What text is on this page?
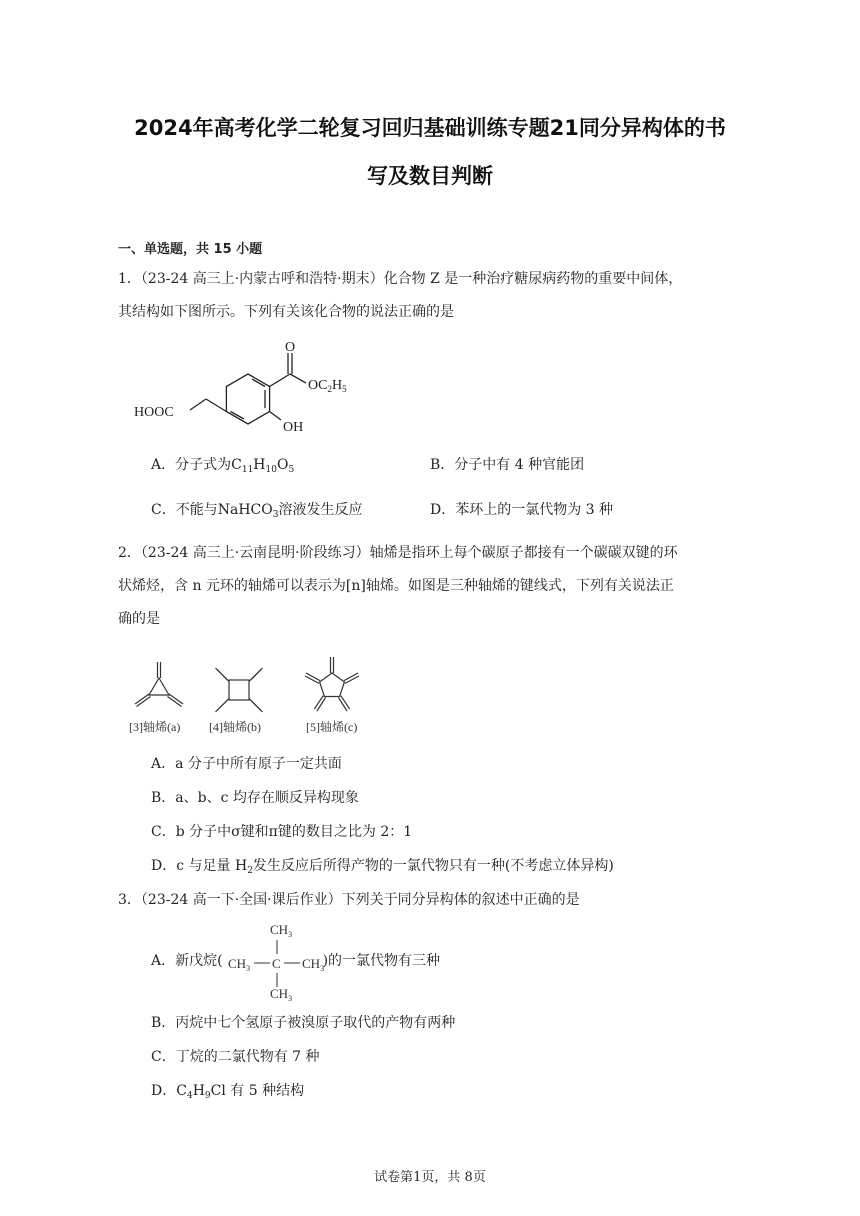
2024年高考化学二轮复习回归基础训练专题21同分异构体的书
写及数目判断
一、单选题，共 15 小题
1．（23-24 高三上·内蒙古呼和浩特·期末）化合物 Z 是一种治疗糖尿病药物的重要中间体，
其结构如下图所示。下列有关该化合物的说法正确的是
O
$OC_2H_5$
HOOC
OH
A．分子式为$C_{11}H_{10}O_5$	B．分子中有 4 种官能团
C．不能与NaHCO$_3$溶液发生反应	D．苯环上的一氯代物为 3 种
2．（23-24 高三上·云南昆明·阶段练习）轴烯是指环上每个碳原子都接有一个碳碳双键的环
状烯烃，含 n 元环的轴烯可以表示为[n]轴烯。如图是三种轴烯的键线式，下列有关说法正
确的是
[3]轴烯(a) [4]轴烯(b)	[5]轴烯(c)
A．a 分子中所有原子一定共面
B．a、b、c 均存在顺反异构现象
C．b 分子中σ键和π键的数目之比为 2：1
D．c 与足量 $H_2$发生反应后所得产物的一氯代物只有一种(不考虑立体异构)
3．（23-24 高一下·全国·课后作业）下列关于同分异构体的叙述中正确的是
A．新戊烷(	)的一氯代物有三种
$CH_3$
$CH_3$ C $CH_3$
$CH_3$
B．丙烷中七个氢原子被溴原子取代的产物有两种
C．丁烷的二氯代物有 7 种
D．$C_4H_9Cl$ 有 5 种结构
试卷第1页，共 8页
